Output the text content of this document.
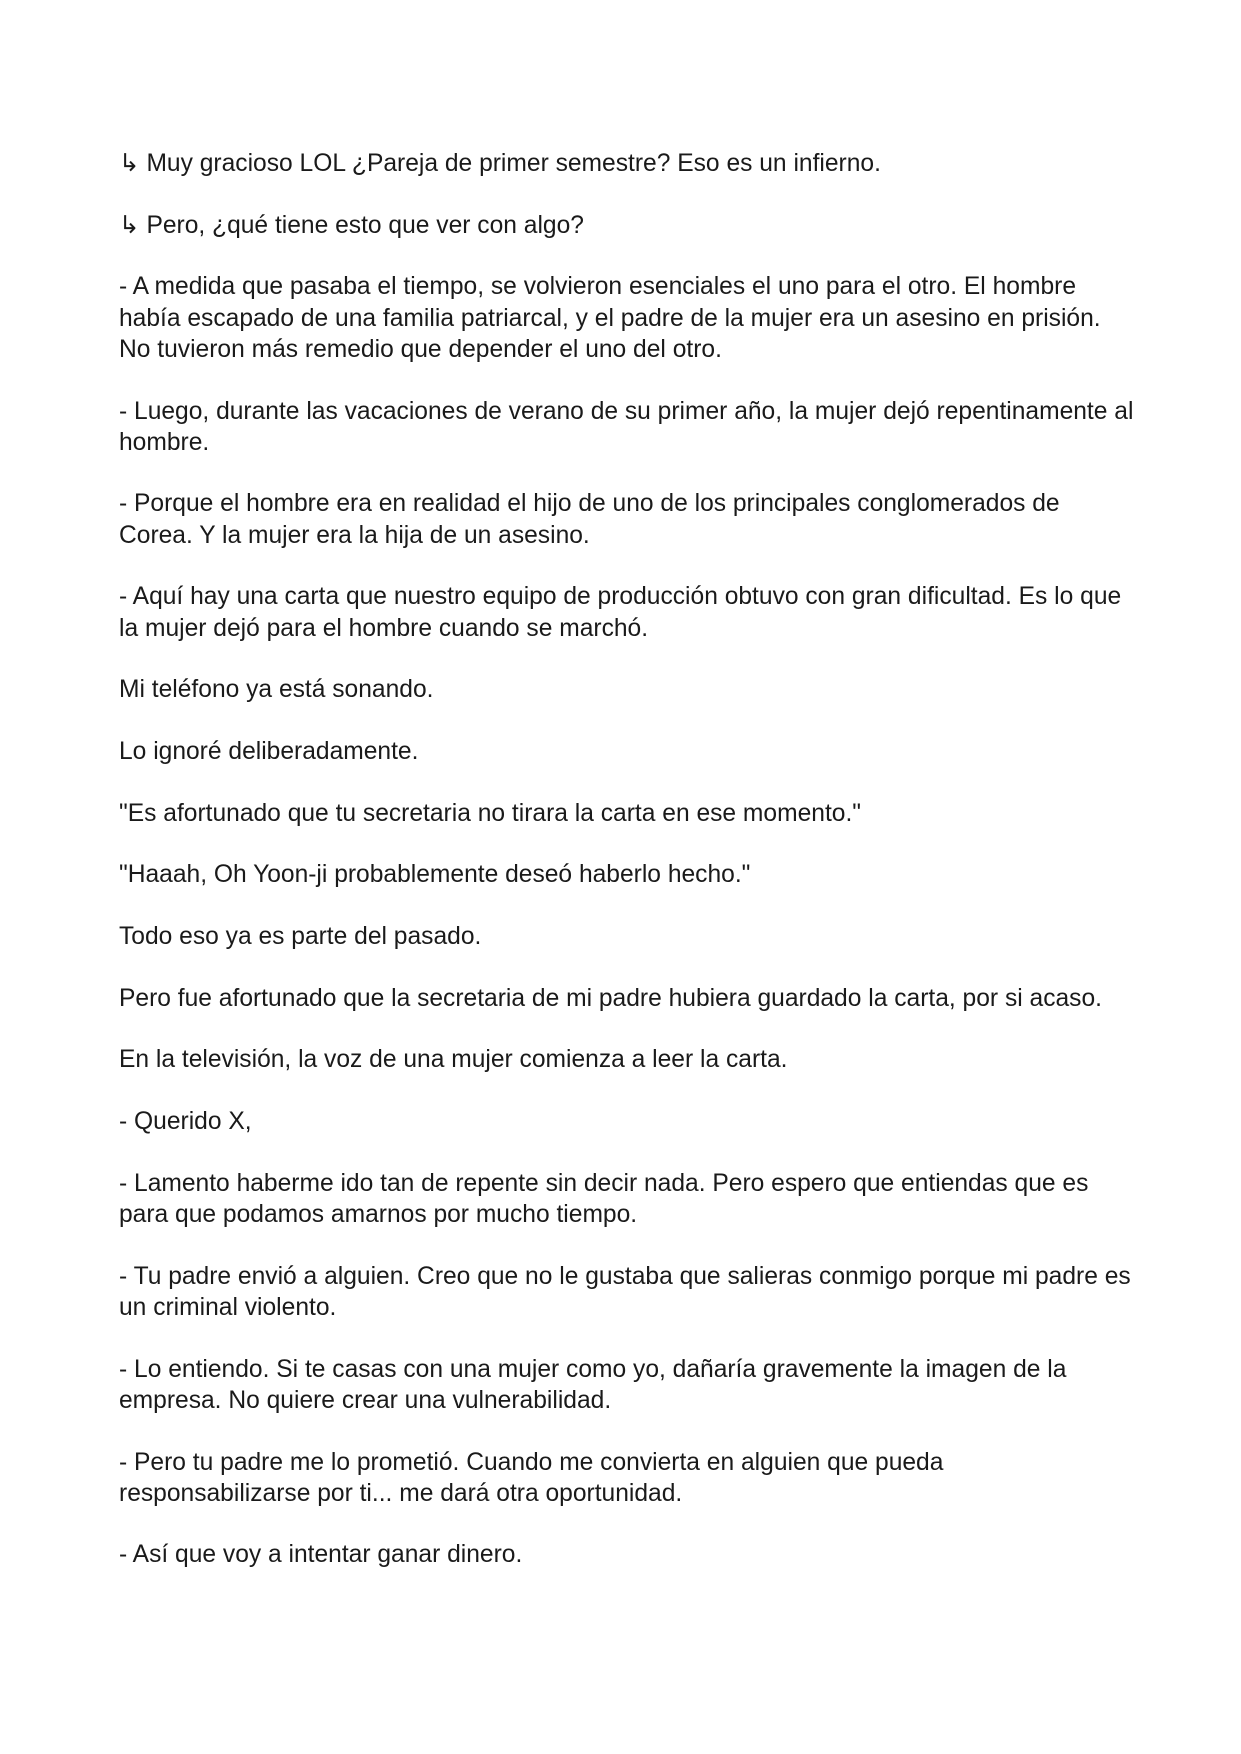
↳ Muy gracioso LOL ¿Pareja de primer semestre? Eso es un infierno.

↳ Pero, ¿qué tiene esto que ver con algo?

- A medida que pasaba el tiempo, se volvieron esenciales el uno para el otro. El hombre había escapado de una familia patriarcal, y el padre de la mujer era un asesino en prisión. No tuvieron más remedio que depender el uno del otro.

- Luego, durante las vacaciones de verano de su primer año, la mujer dejó repentinamente al hombre.

- Porque el hombre era en realidad el hijo de uno de los principales conglomerados de Corea. Y la mujer era la hija de un asesino.

- Aquí hay una carta que nuestro equipo de producción obtuvo con gran dificultad. Es lo que la mujer dejó para el hombre cuando se marchó.

Mi teléfono ya está sonando.

Lo ignoré deliberadamente.

"Es afortunado que tu secretaria no tirara la carta en ese momento."

"Haaah, Oh Yoon-ji probablemente deseó haberlo hecho."

Todo eso ya es parte del pasado.

Pero fue afortunado que la secretaria de mi padre hubiera guardado la carta, por si acaso.

En la televisión, la voz de una mujer comienza a leer la carta.

- Querido X,

- Lamento haberme ido tan de repente sin decir nada. Pero espero que entiendas que es para que podamos amarnos por mucho tiempo.

- Tu padre envió a alguien. Creo que no le gustaba que salieras conmigo porque mi padre es un criminal violento.

- Lo entiendo. Si te casas con una mujer como yo, dañaría gravemente la imagen de la empresa. No quiere crear una vulnerabilidad.

- Pero tu padre me lo prometió. Cuando me convierta en alguien que pueda responsabilizarse por ti... me dará otra oportunidad.

- Así que voy a intentar ganar dinero.
